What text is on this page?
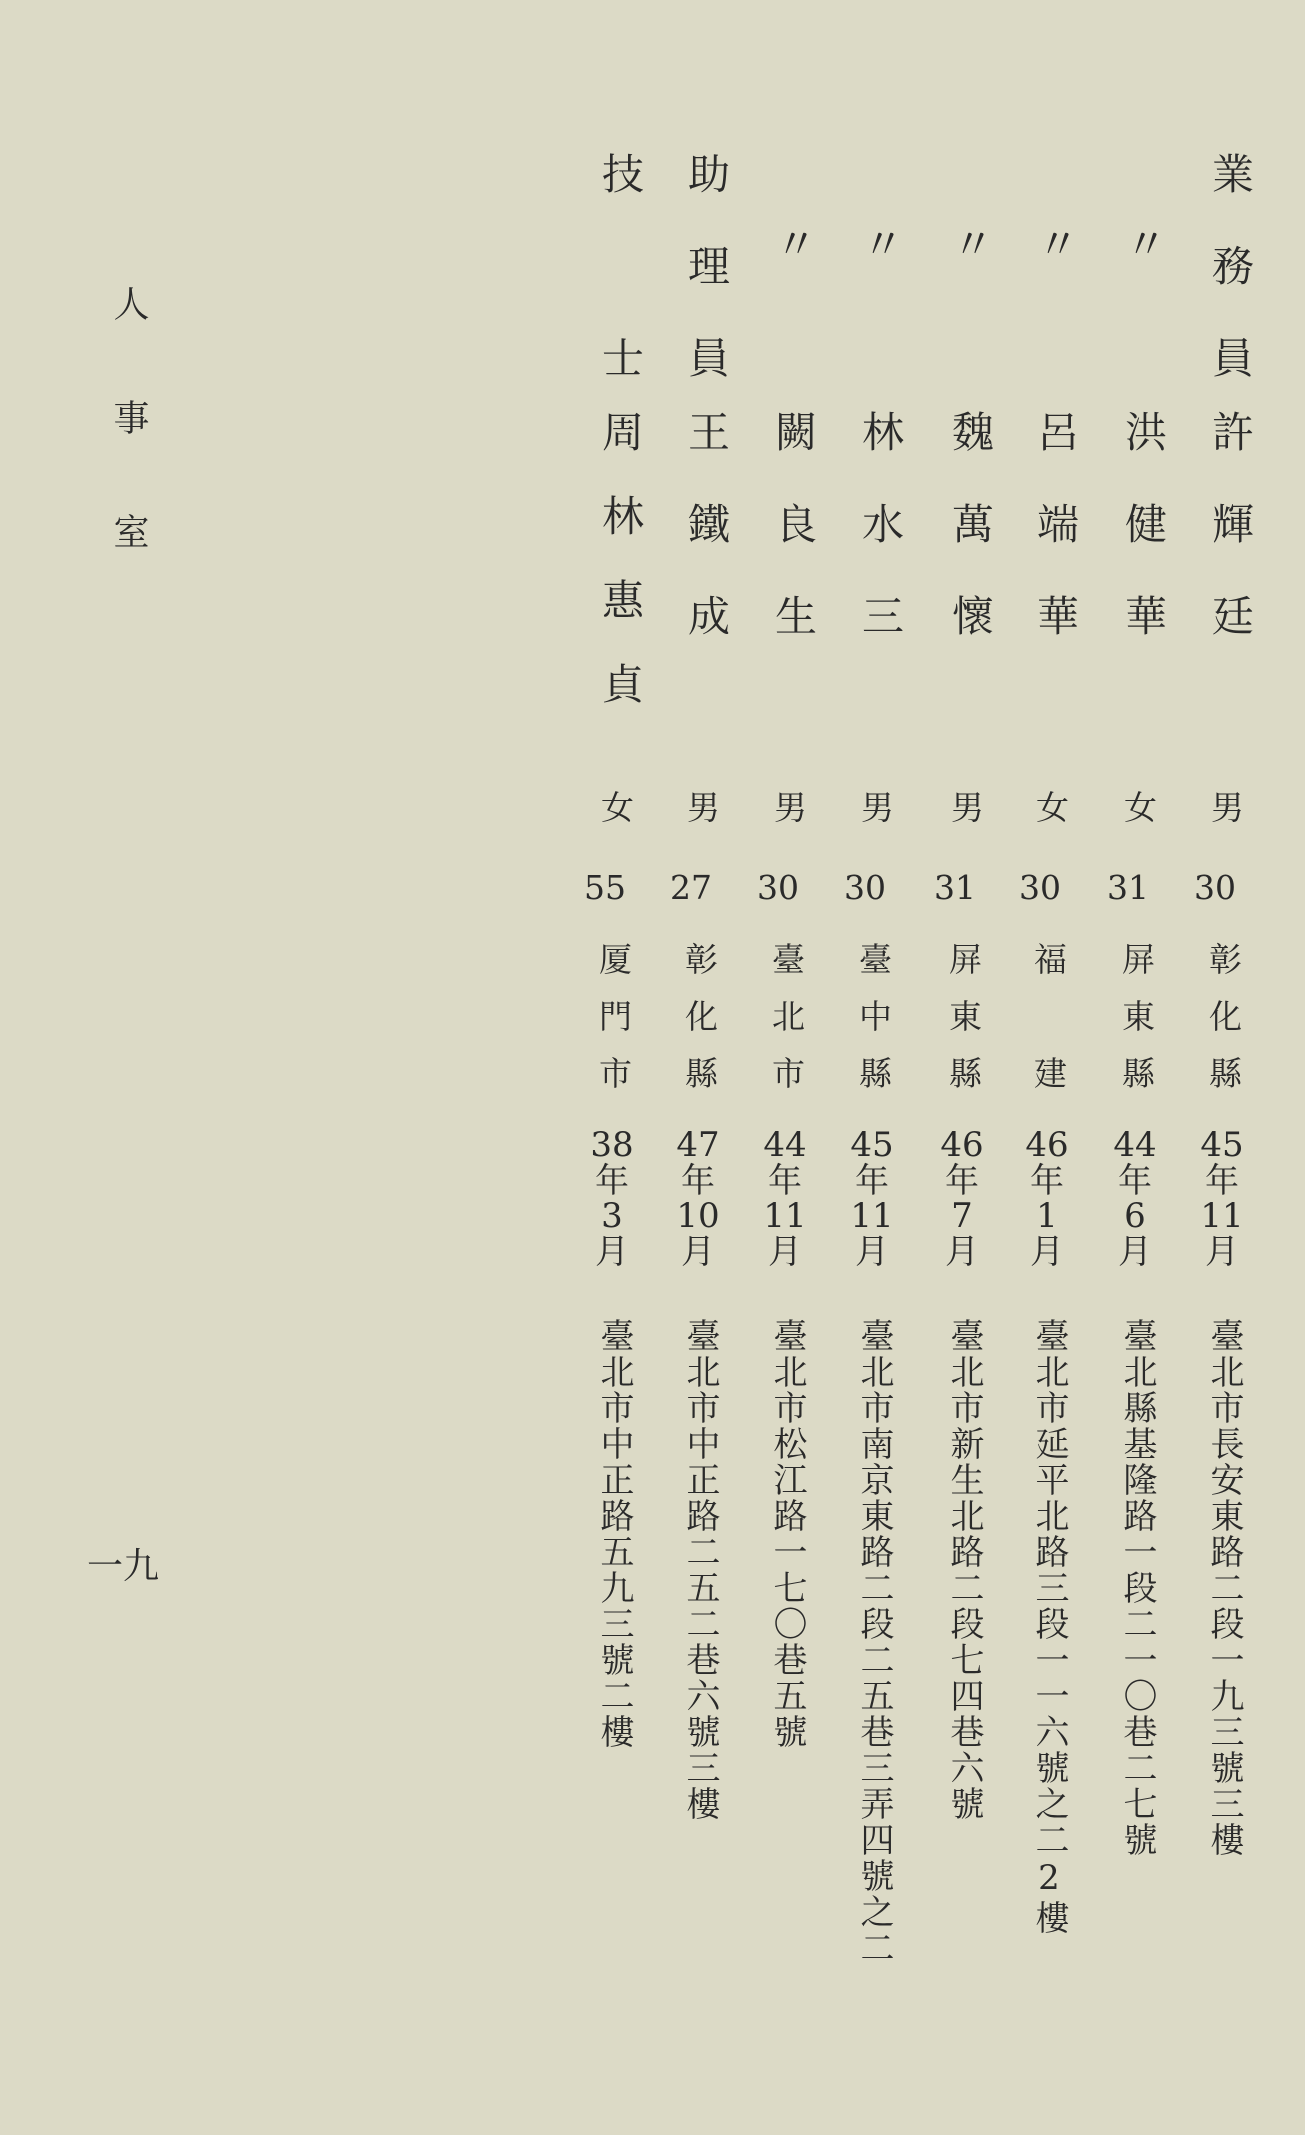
人事室
一九
業務員
許輝廷
男
30
彰化縣
45
年
11
月
臺北市長安東路二段一九三號三樓
〃
洪健華
女
31
屏東縣
44
年
6
月
臺北縣基隆路一段二一〇巷二七號
〃
呂端華
女
30
福　建
46
年
1
月
臺北市延平北路三段一一六號之二2樓
〃
魏萬懷
男
31
屏東縣
46
年
7
月
臺北市新生北路二段七四巷六號
〃
林水三
男
30
臺中縣
45
年
11
月
臺北市南京東路二段二五巷三弄四號之二
〃
闕良生
男
30
臺北市
44
年
11
月
臺北市松江路一七〇巷五號
助理員
王鐵成
男
27
彰化縣
47
年
10
月
臺北市中正路二五二巷六號三樓
技　士
周林惠貞
女
55
厦門市
38
年
3
月
臺北市中正路五九三號二樓
